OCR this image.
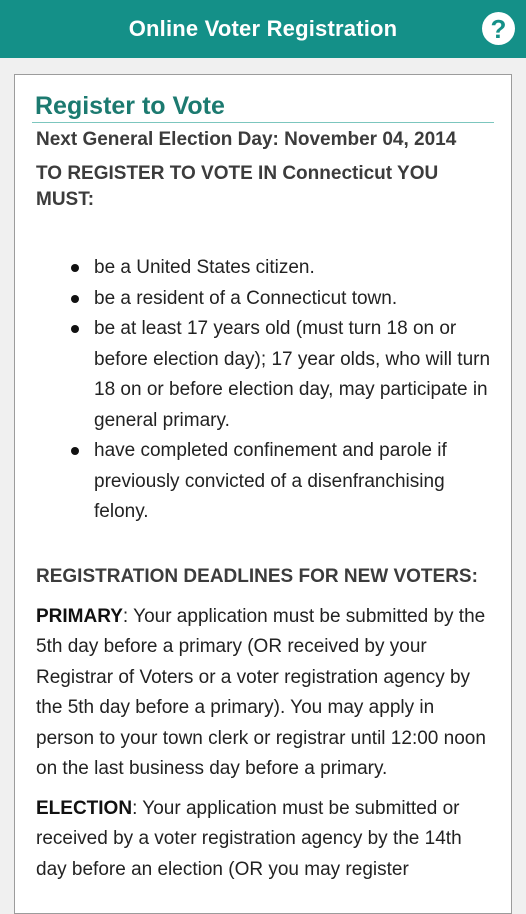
Online Voter Registration	?
Register to Vote
Next General Election Day: November 04, 2014
TO REGISTER TO VOTE IN Connecticut YOU MUST:
be a United States citizen.
be a resident of a Connecticut town.
be at least 17 years old (must turn 18 on or before election day); 17 year olds, who will turn 18 on or before election day, may participate in general primary.
have completed confinement and parole if previously convicted of a disenfranchising felony.
REGISTRATION DEADLINES FOR NEW VOTERS:

PRIMARY: Your application must be submitted by the 5th day before a primary (OR received by your Registrar of Voters or a voter registration agency by the 5th day before a primary). You may apply in person to your town clerk or registrar until 12:00 noon on the last business day before a primary.

ELECTION: Your application must be submitted or received by a voter registration agency by the 14th day before an election (OR you may register
